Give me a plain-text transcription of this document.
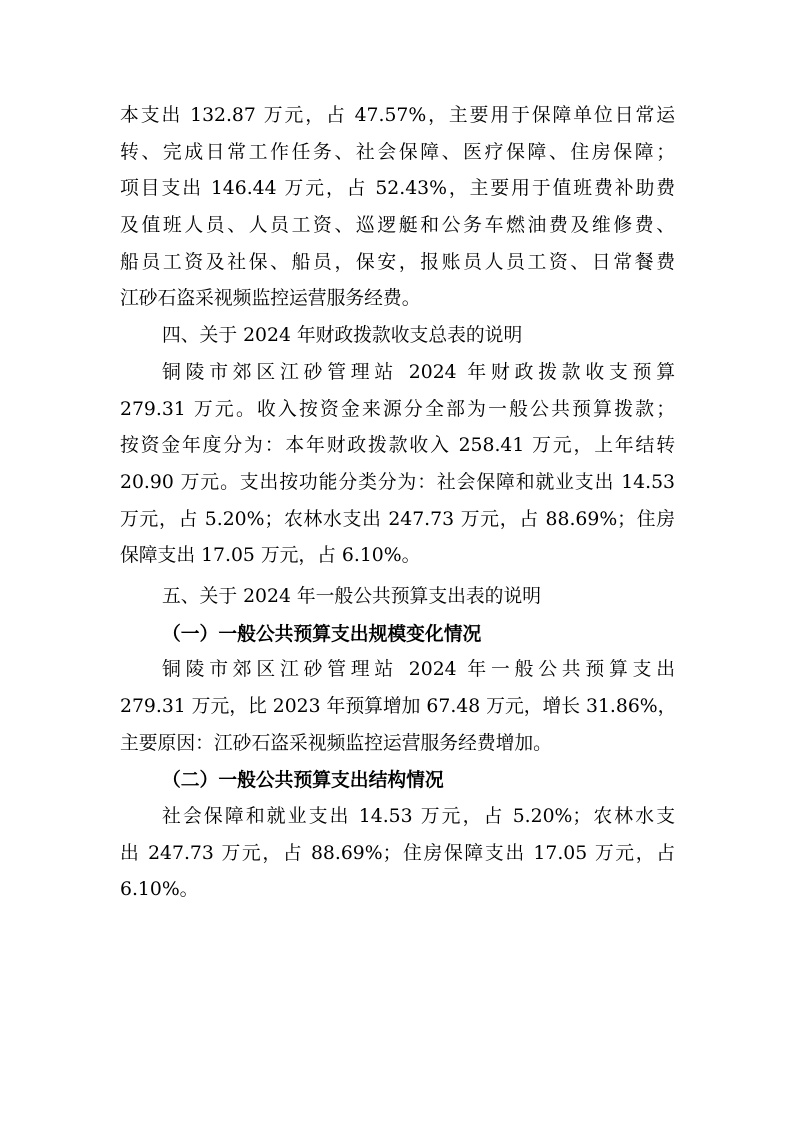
本支出 132.87 万元，占 47.57%，主要用于保障单位日常运
转、完成日常工作任务、社会保障、医疗保障、住房保障；
项目支出 146.44 万元，占 52.43%，主要用于值班费补助费
及值班人员、人员工资、巡逻艇和公务车燃油费及维修费、
船员工资及社保、船员，保安，报账员人员工资、日常餐费
江砂石盗采视频监控运营服务经费。
四、关于 2024 年财政拨款收支总表的说明
铜陵市郊区江砂管理站 2024 年财政拨款收支预算
279.31 万元。收入按资金来源分全部为一般公共预算拨款；
按资金年度分为：本年财政拨款收入 258.41 万元，上年结转
20.90 万元。支出按功能分类分为：社会保障和就业支出 14.53
万元，占 5.20%；农林水支出 247.73 万元，占 88.69%；住房
保障支出 17.05 万元，占 6.10%。
五、关于 2024 年一般公共预算支出表的说明
（一）一般公共预算支出规模变化情况
铜陵市郊区江砂管理站 2024 年一般公共预算支出
279.31 万元，比 2023 年预算增加 67.48 万元，增长 31.86%，
主要原因：江砂石盗采视频监控运营服务经费增加。
（二）一般公共预算支出结构情况
社会保障和就业支出 14.53 万元，占 5.20%；农林水支
出 247.73 万元，占 88.69%；住房保障支出 17.05 万元，占
6.10%。
